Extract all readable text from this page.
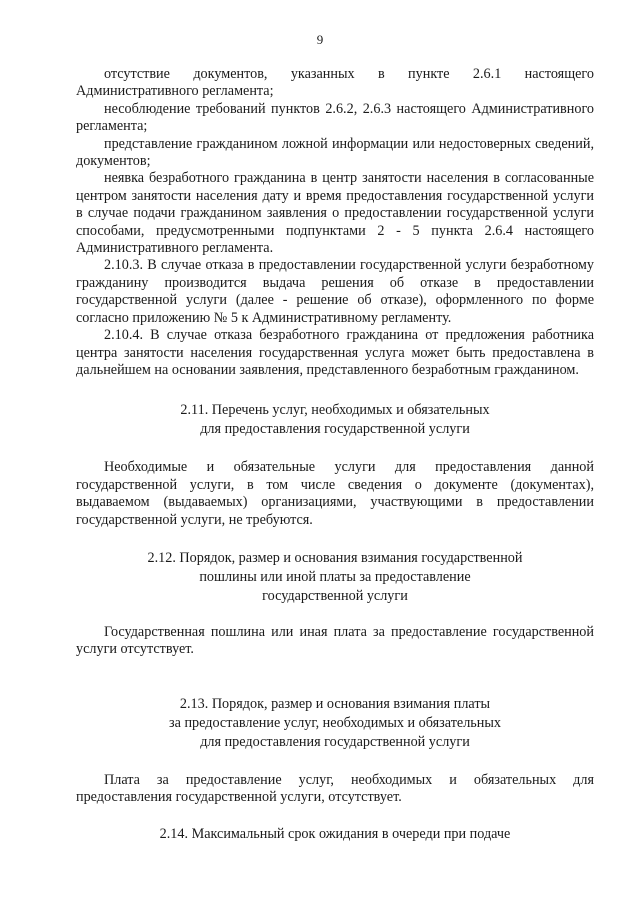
9

отсутствие документов, указанных в пункте 2.6.1 настоящего Административного регламента;

несоблюдение требований пунктов 2.6.2, 2.6.3 настоящего Административного регламента;

представление гражданином ложной информации или недостоверных сведений, документов;

неявка безработного гражданина в центр занятости населения в согласованные центром занятости населения дату и время предоставления государственной услуги в случае подачи гражданином заявления о предоставлении государственной услуги способами, предусмотренными подпунктами 2 - 5 пункта 2.6.4 настоящего Административного регламента.

2.10.3. В случае отказа в предоставлении государственной услуги безработному гражданину производится выдача решения об отказе в предоставлении государственной услуги (далее - решение об отказе), оформленного по форме согласно приложению № 5 к Административному регламенту.

2.10.4. В случае отказа безработного гражданина от предложения работника центра занятости населения государственная услуга может быть предоставлена в дальнейшем на основании заявления, представленного безработным гражданином.

2.11. Перечень услуг, необходимых и обязательных
для предоставления государственной услуги

Необходимые и обязательные услуги для предоставления данной государственной услуги, в том числе сведения о документе (документах), выдаваемом (выдаваемых) организациями, участвующими в предоставлении государственной услуги, не требуются.

2.12. Порядок, размер и основания взимания государственной
пошлины или иной платы за предоставление
государственной услуги

Государственная пошлина или иная плата за предоставление государственной услуги отсутствует.

2.13. Порядок, размер и основания взимания платы
за предоставление услуг, необходимых и обязательных
для предоставления государственной услуги

Плата за предоставление услуг, необходимых и обязательных для предоставления государственной услуги, отсутствует.

2.14. Максимальный срок ожидания в очереди при подаче
